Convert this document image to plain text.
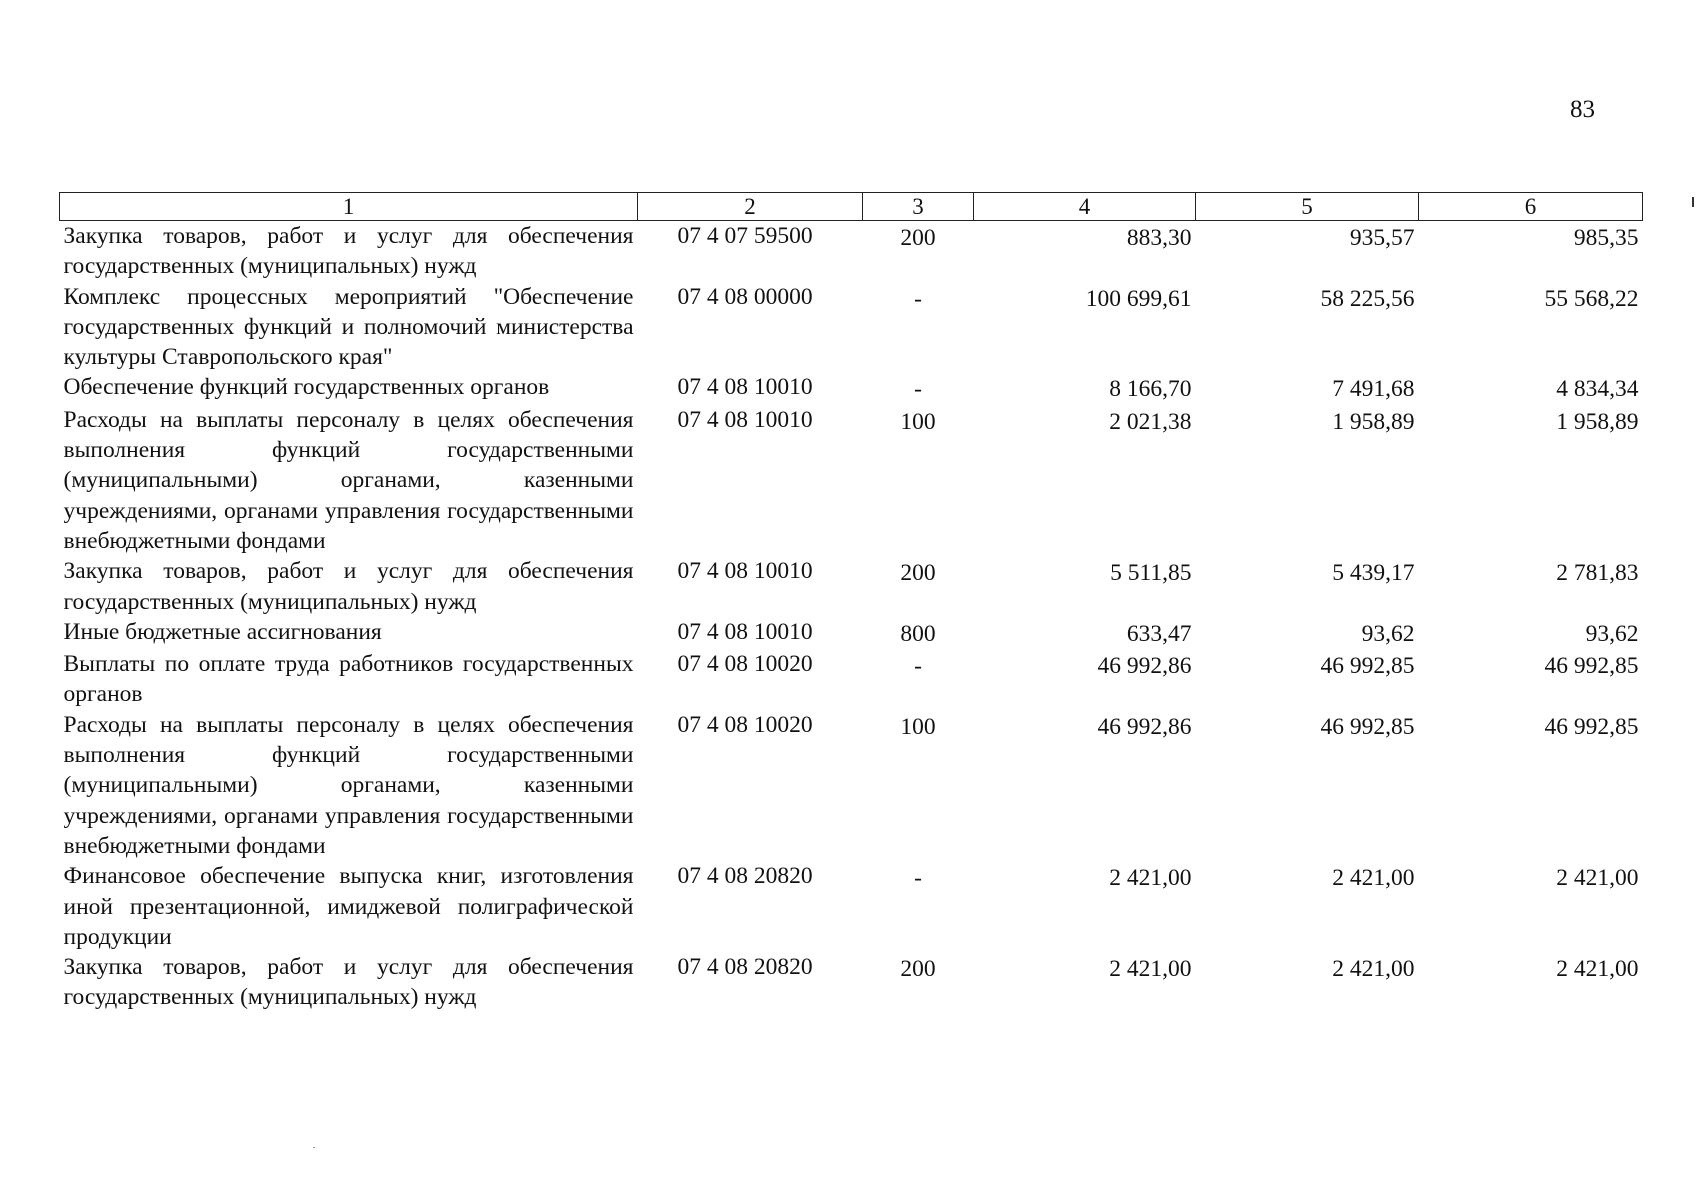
83
1	2	3	4	5	6
Закупка товаров, работ и услуг для обеспечения государственных (муниципальных) нужд	07 4 07 59500	200	883,30	935,57	985,35
Комплекс процессных мероприятий "Обеспечение государственных функций и полномочий министерства культуры Ставропольского края"	07 4 08 00000	-	100 699,61	58 225,56	55 568,22
Обеспечение функций государственных органов	07 4 08 10010	-	8 166,70	7 491,68	4 834,34
Расходы на выплаты персоналу в целях обеспечения выполнения функций государственными (муниципальными) органами, казенными учреждениями, органами управления государственными внебюджетными фондами	07 4 08 10010	100	2 021,38	1 958,89	1 958,89
Закупка товаров, работ и услуг для обеспечения государственных (муниципальных) нужд	07 4 08 10010	200	5 511,85	5 439,17	2 781,83
Иные бюджетные ассигнования	07 4 08 10010	800	633,47	93,62	93,62
Выплаты по оплате труда работников государственных органов	07 4 08 10020	-	46 992,86	46 992,85	46 992,85
Расходы на выплаты персоналу в целях обеспечения выполнения функций государственными (муниципальными) органами, казенными учреждениями, органами управления государственными внебюджетными фондами	07 4 08 10020	100	46 992,86	46 992,85	46 992,85
Финансовое обеспечение выпуска книг, изготовления иной презентационной, имиджевой полиграфической продукции	07 4 08 20820	-	2 421,00	2 421,00	2 421,00
Закупка товаров, работ и услуг для обеспечения государственных (муниципальных) нужд	07 4 08 20820	200	2 421,00	2 421,00	2 421,00
